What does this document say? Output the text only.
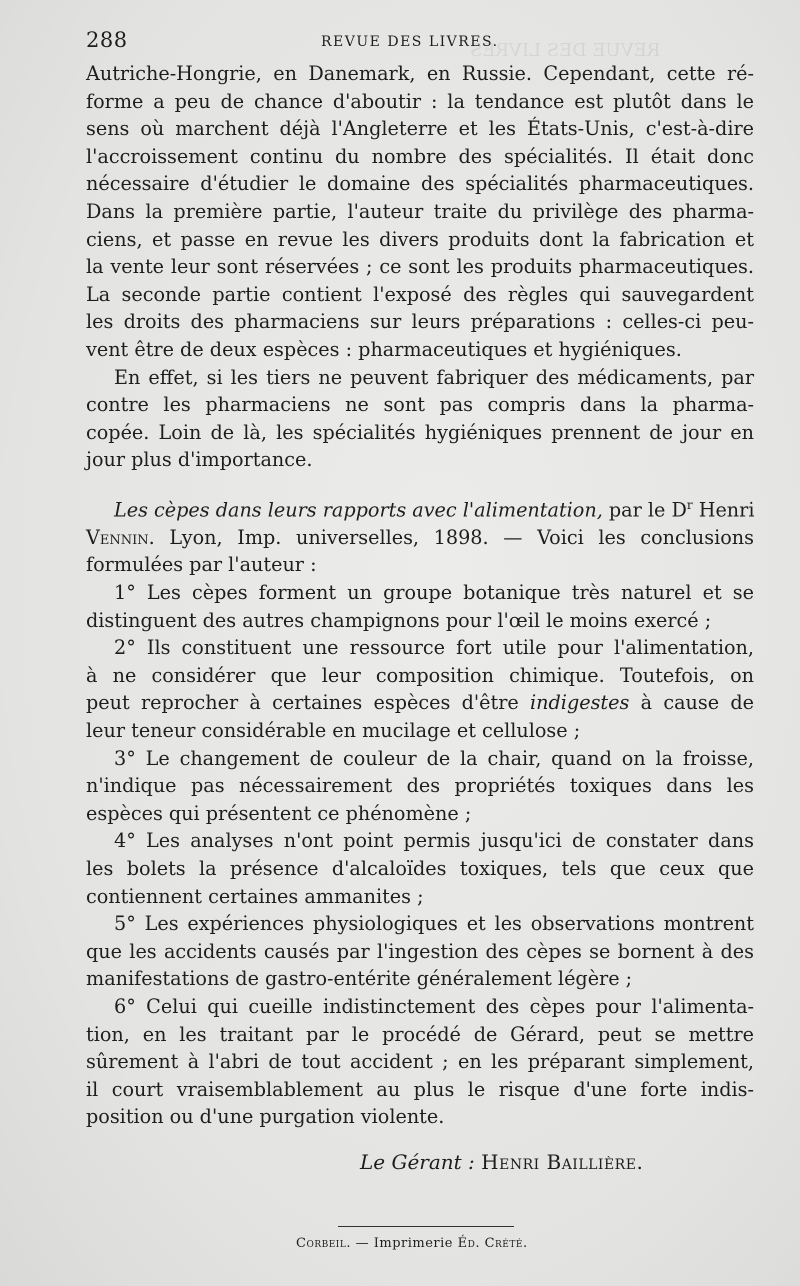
REVUE DES LIVRES
288	REVUE DES LIVRES.
Autriche-Hongrie, en Danemark, en Russie. Cependant, cette ré-
forme a peu de chance d'aboutir : la tendance est plutôt dans le
sens où marchent déjà l'Angleterre et les États-Unis, c'est-à-dire
l'accroissement continu du nombre des spécialités. Il était donc
nécessaire d'étudier le domaine des spécialités pharmaceutiques.
Dans la première partie, l'auteur traite du privilège des pharma-
ciens, et passe en revue les divers produits dont la fabrication et
la vente leur sont réservées ; ce sont les produits pharmaceutiques.
La seconde partie contient l'exposé des règles qui sauvegardent
les droits des pharmaciens sur leurs préparations : celles-ci peu-
vent être de deux espèces : pharmaceutiques et hygiéniques.
En effet, si les tiers ne peuvent fabriquer des médicaments, par
contre les pharmaciens ne sont pas compris dans la pharma-
copée. Loin de là, les spécialités hygiéniques prennent de jour en
jour plus d'importance.
Les cèpes dans leurs rapports avec l'alimentation, par le $D^r$ Henri
Vennin. Lyon, Imp. universelles, 1898. — Voici les conclusions
formulées par l'auteur :
1° Les cèpes forment un groupe botanique très naturel et se
distinguent des autres champignons pour l'œil le moins exercé ;
2° Ils constituent une ressource fort utile pour l'alimentation,
à ne considérer que leur composition chimique. Toutefois, on
peut reprocher à certaines espèces d'être indigestes à cause de
leur teneur considérable en mucilage et cellulose ;
3° Le changement de couleur de la chair, quand on la froisse,
n'indique pas nécessairement des propriétés toxiques dans les
espèces qui présentent ce phénomène ;
4° Les analyses n'ont point permis jusqu'ici de constater dans
les bolets la présence d'alcaloïdes toxiques, tels que ceux que
contiennent certaines ammanites ;
5° Les expériences physiologiques et les observations montrent
que les accidents causés par l'ingestion des cèpes se bornent à des
manifestations de gastro-entérite généralement légère ;
6° Celui qui cueille indistinctement des cèpes pour l'alimenta-
tion, en les traitant par le procédé de Gérard, peut se mettre
sûrement à l'abri de tout accident ; en les préparant simplement,
il court vraisemblablement au plus le risque d'une forte indis-
position ou d'une purgation violente.
Le Gérant : Henri Baillière.
Corbeil. — Imprimerie Éd. Crété.
